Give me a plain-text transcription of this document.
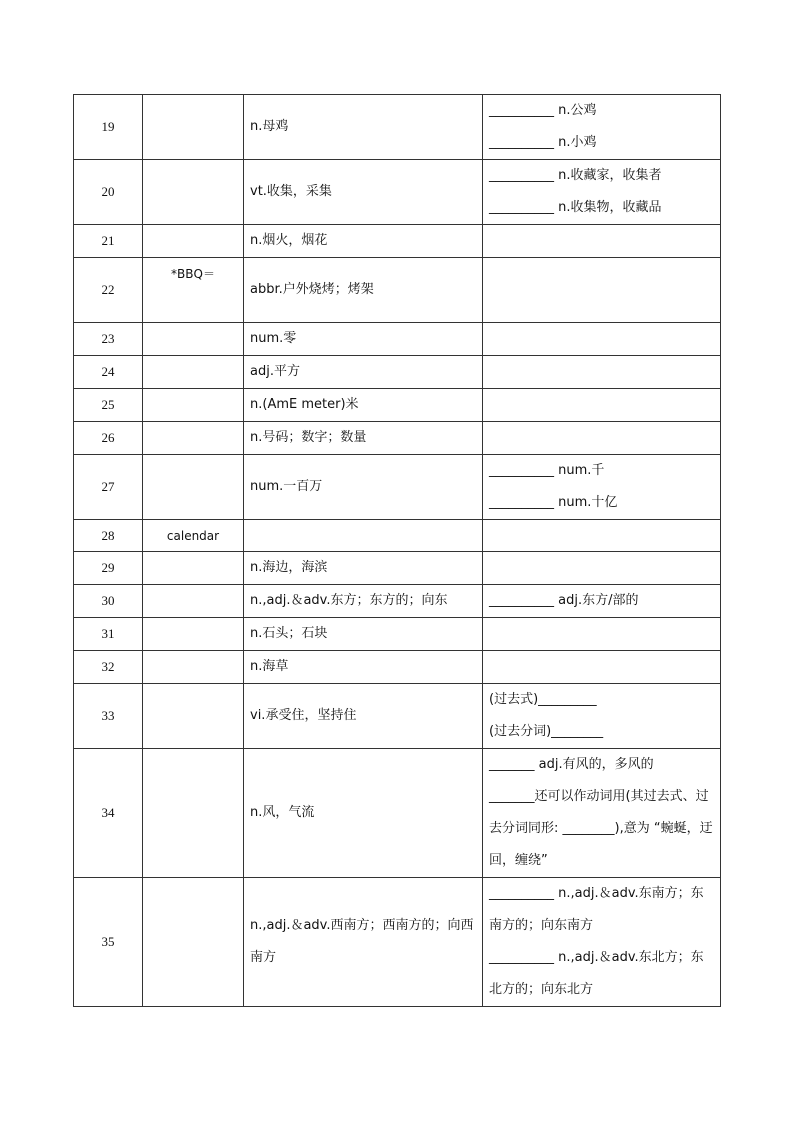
19		n.母鸡	__________ n.公鸡
__________ n.小鸡

20		vt.收集，采集	__________ n.收藏家，收集者
__________ n.收集物，收藏品

21		n.烟火，烟花	
22	*BBQ＝	abbr.户外烧烤；烤架	
23		num.零	
24		adj.平方	
25		n.(AmE meter)米	
26		n.号码；数字；数量	
27		num.一百万	__________ num.千
__________ num.十亿

28	calendar		
29		n.海边，海滨	
30		n.,adj.＆adv.东方；东方的；向东	__________ adj.东方/部的

31		n.石头；石块	
32		n.海草	
33		vi.承受住，坚持住	(过去式)_________
(过去分词)________

34		n.风，气流	_______ adj.有风的，多风的
_______还可以作动词用(其过去式、过去分词同形: ________),意为 “蜿蜒，迂回，缠绕”

35		n.,adj.＆adv.西南方；西南方的；向西南方	__________ n.,adj.＆adv.东南方；东南方的；向东南方
__________ n.,adj.＆adv.东北方；东北方的；向东北方
